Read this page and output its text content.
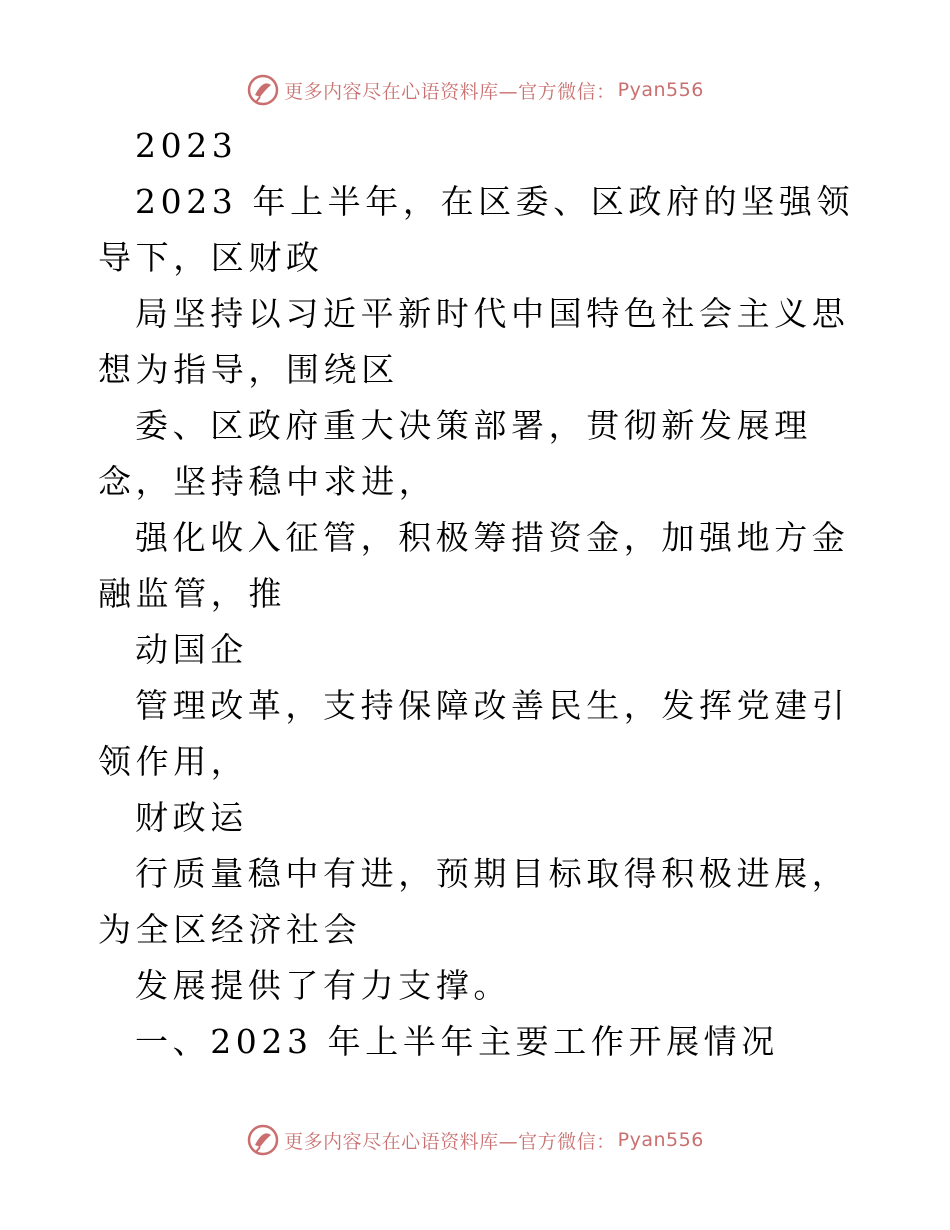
更多内容尽在心语资料库—官方微信： Pyan556

2023

2023 年上半年，在区委、区政府的坚强领导下，区财政

局坚持以习近平新时代中国特色社会主义思想为指导，围绕区

委、区政府重大决策部署，贯彻新发展理念，坚持稳中求进，

强化收入征管，积极筹措资金，加强地方金融监管，推

动国企

管理改革，支持保障改善民生，发挥党建引领作用，

财政运

行质量稳中有进，预期目标取得积极进展，为全区经济社会

发展提供了有力支撑。

一、2023 年上半年主要工作开展情况

更多内容尽在心语资料库—官方微信： Pyan556
